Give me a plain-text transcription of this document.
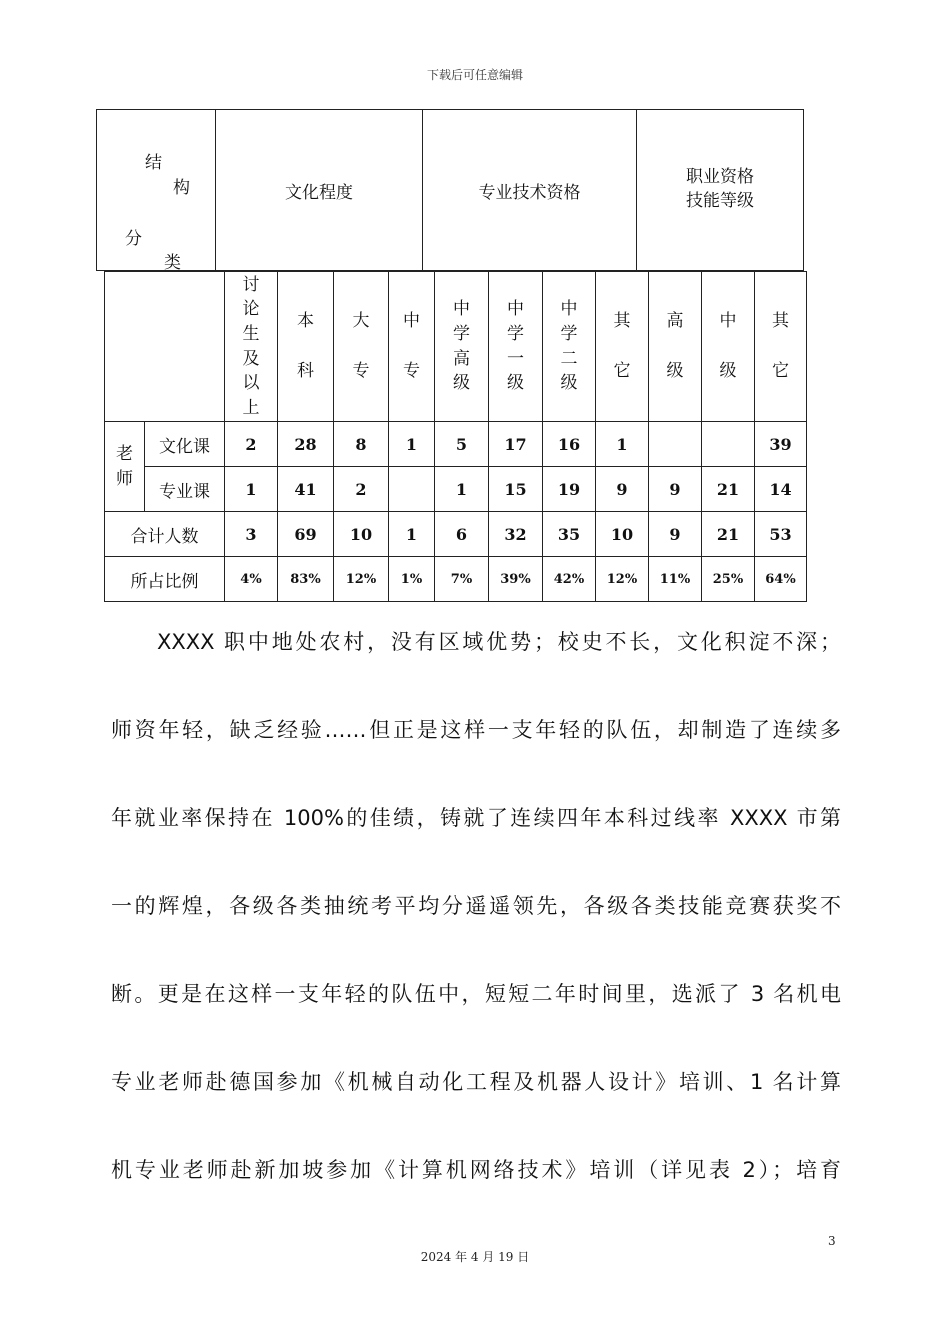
下载后可任意编辑
结
构
分
类
	文化程度	专业技术资格	职业资格
技能等级
		讨论生及以上	本科	大专	中专	中学高级	中学一级	中学二级	其它	高级	中级	其它
老师	文化课	2	28	8	1	5	17	16	1			39
	专业课	1	41	2		1	15	19	9	9	21	14
合计人数		3	69	10	1	6	32	35	10	9	21	53
所占比例		4%	83%	12%	1%	7%	39%	42%	12%	11%	25%	64%
XXXX 职中地处农村，没有区域优势；校史不长，文化积淀不深；
师资年轻，缺乏经验……但正是这样一支年轻的队伍，却制造了连续多
年就业率保持在 100%的佳绩，铸就了连续四年本科过线率 XXXX 市第
一的辉煌，各级各类抽统考平均分遥遥领先，各级各类技能竞赛获奖不
断。更是在这样一支年轻的队伍中，短短二年时间里，选派了 3 名机电
专业老师赴德国参加《机械自动化工程及机器人设计》培训、1 名计算
机专业老师赴新加坡参加《计算机网络技术》培训（详见表 2）；培育
3
2024 年 4 月 19 日
